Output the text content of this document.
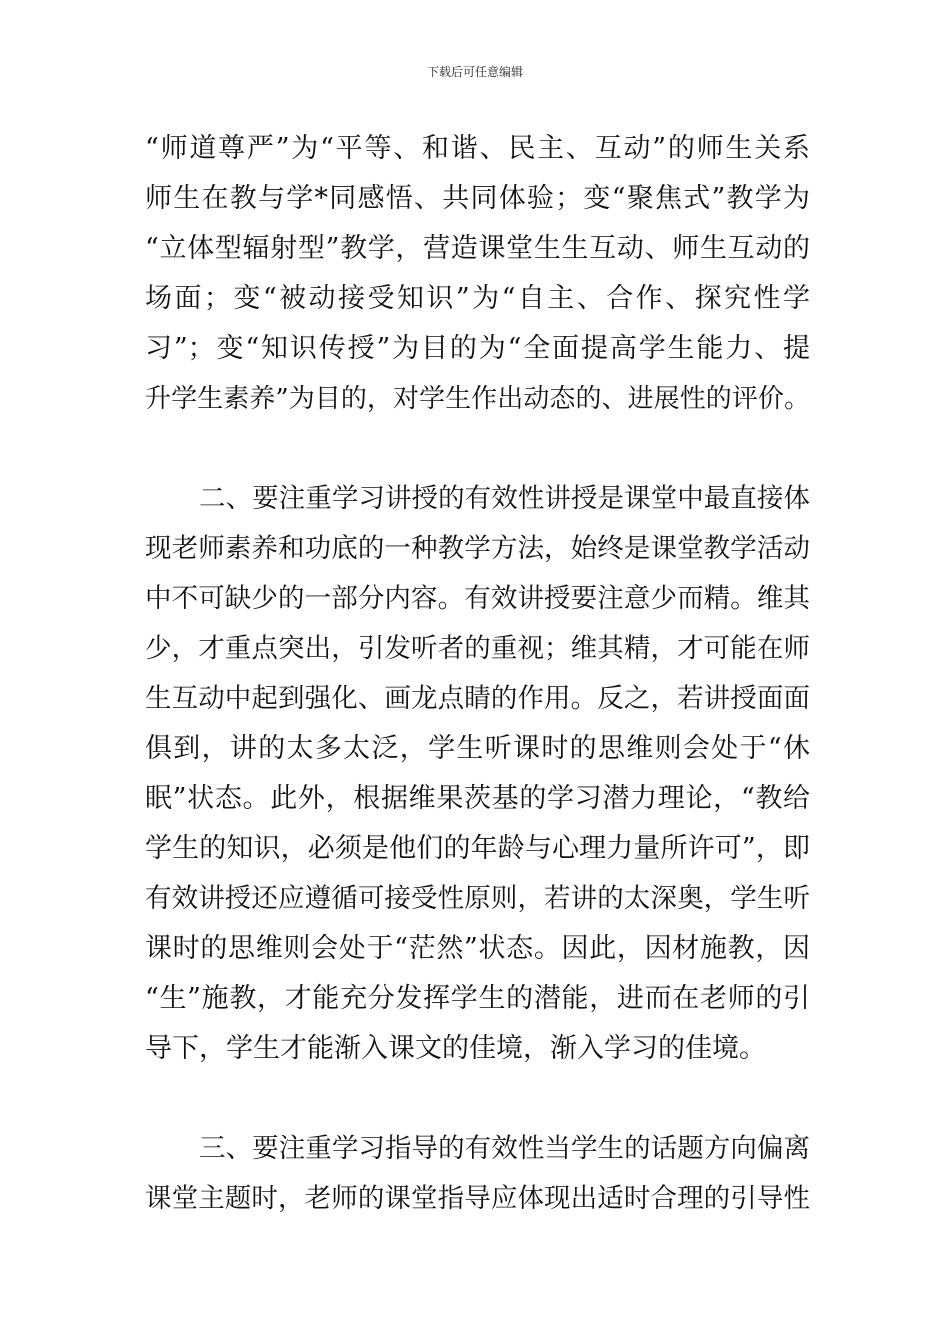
下载后可任意编辑
“师道尊严”为“平等、和谐、民主、互动”的师生关系
师生在教与学*同感悟、共同体验；变“聚焦式”教学为
“立体型辐射型”教学，营造课堂生生互动、师生互动的
场面；变“被动接受知识”为“自主、合作、探究性学
习”；变“知识传授”为目的为“全面提高学生能力、提
升学生素养”为目的，对学生作出动态的、进展性的评价。
二、要注重学习讲授的有效性讲授是课堂中最直接体
现老师素养和功底的一种教学方法，始终是课堂教学活动
中不可缺少的一部分内容。有效讲授要注意少而精。维其
少，才重点突出，引发听者的重视；维其精，才可能在师
生互动中起到强化、画龙点睛的作用。反之，若讲授面面
俱到，讲的太多太泛，学生听课时的思维则会处于“休
眠”状态。此外，根据维果茨基的学习潜力理论，“教给
学生的知识，必须是他们的年龄与心理力量所许可”，即
有效讲授还应遵循可接受性原则，若讲的太深奥，学生听
课时的思维则会处于“茫然”状态。因此，因材施教，因
“生”施教，才能充分发挥学生的潜能，进而在老师的引
导下，学生才能渐入课文的佳境，渐入学习的佳境。
三、要注重学习指导的有效性当学生的话题方向偏离
课堂主题时，老师的课堂指导应体现出适时合理的引导性
